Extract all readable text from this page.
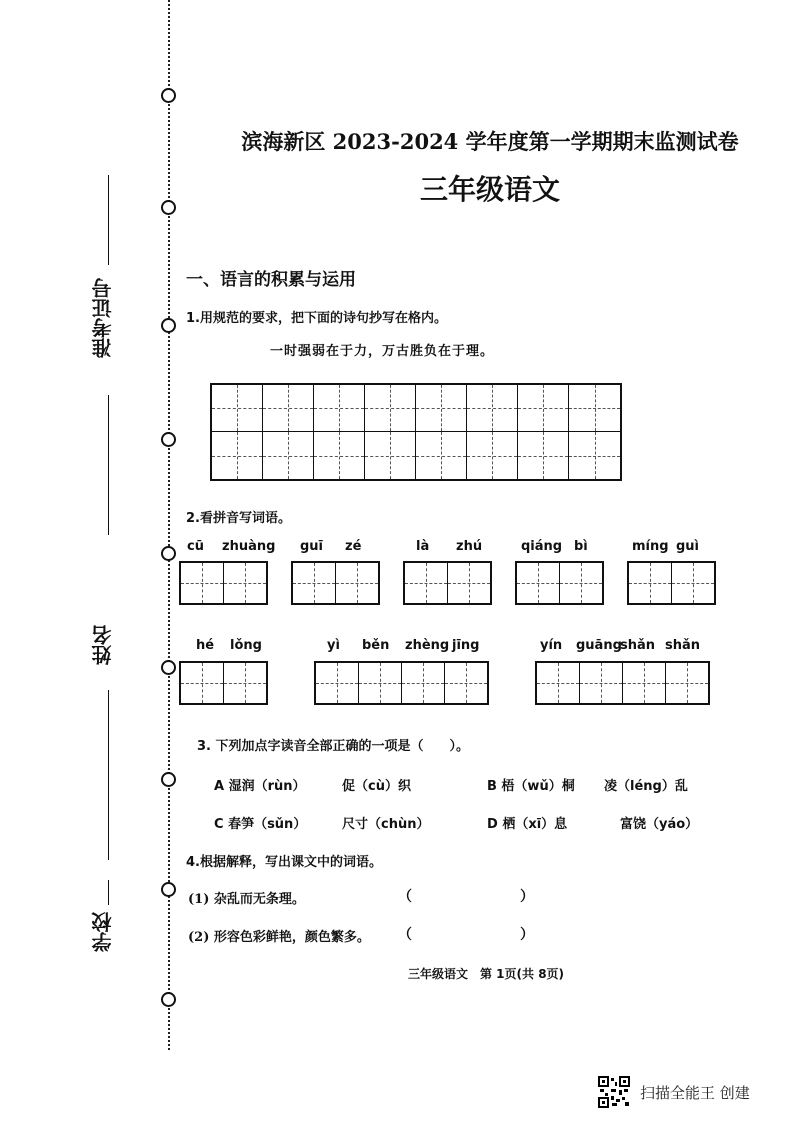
准考证号
姓名
学校
滨海新区 2023-2024 学年度第一学期期末监测试卷
三年级语文
一、语言的积累与运用
1.用规范的要求，把下面的诗句抄写在格内。
一时强弱在于力，万古胜负在于理。
2.看拼音写词语。
cū zhuàng guī zé	là zhú	qiáng bì	míng guì
hé lǒng	yì běn zhèng jīng	yín guāng
shǎn shǎn
3. 下列加点字读音全部正确的一项是（　　）。
A 湿润（rùn）	促（cù）织	B 梧（wǔ）桐 凌（léng）乱
C 春笋（sǔn）	尺寸（chùn）	D 栖（xī）息	富饶（yáo）
4.根据解释，写出课文中的词语。
(1) 杂乱而无条理。	（	）
(2) 形容色彩鲜艳，颜色繁多。 （	）
三年级语文　第 1页(共 8页)
扫描全能王 创建
